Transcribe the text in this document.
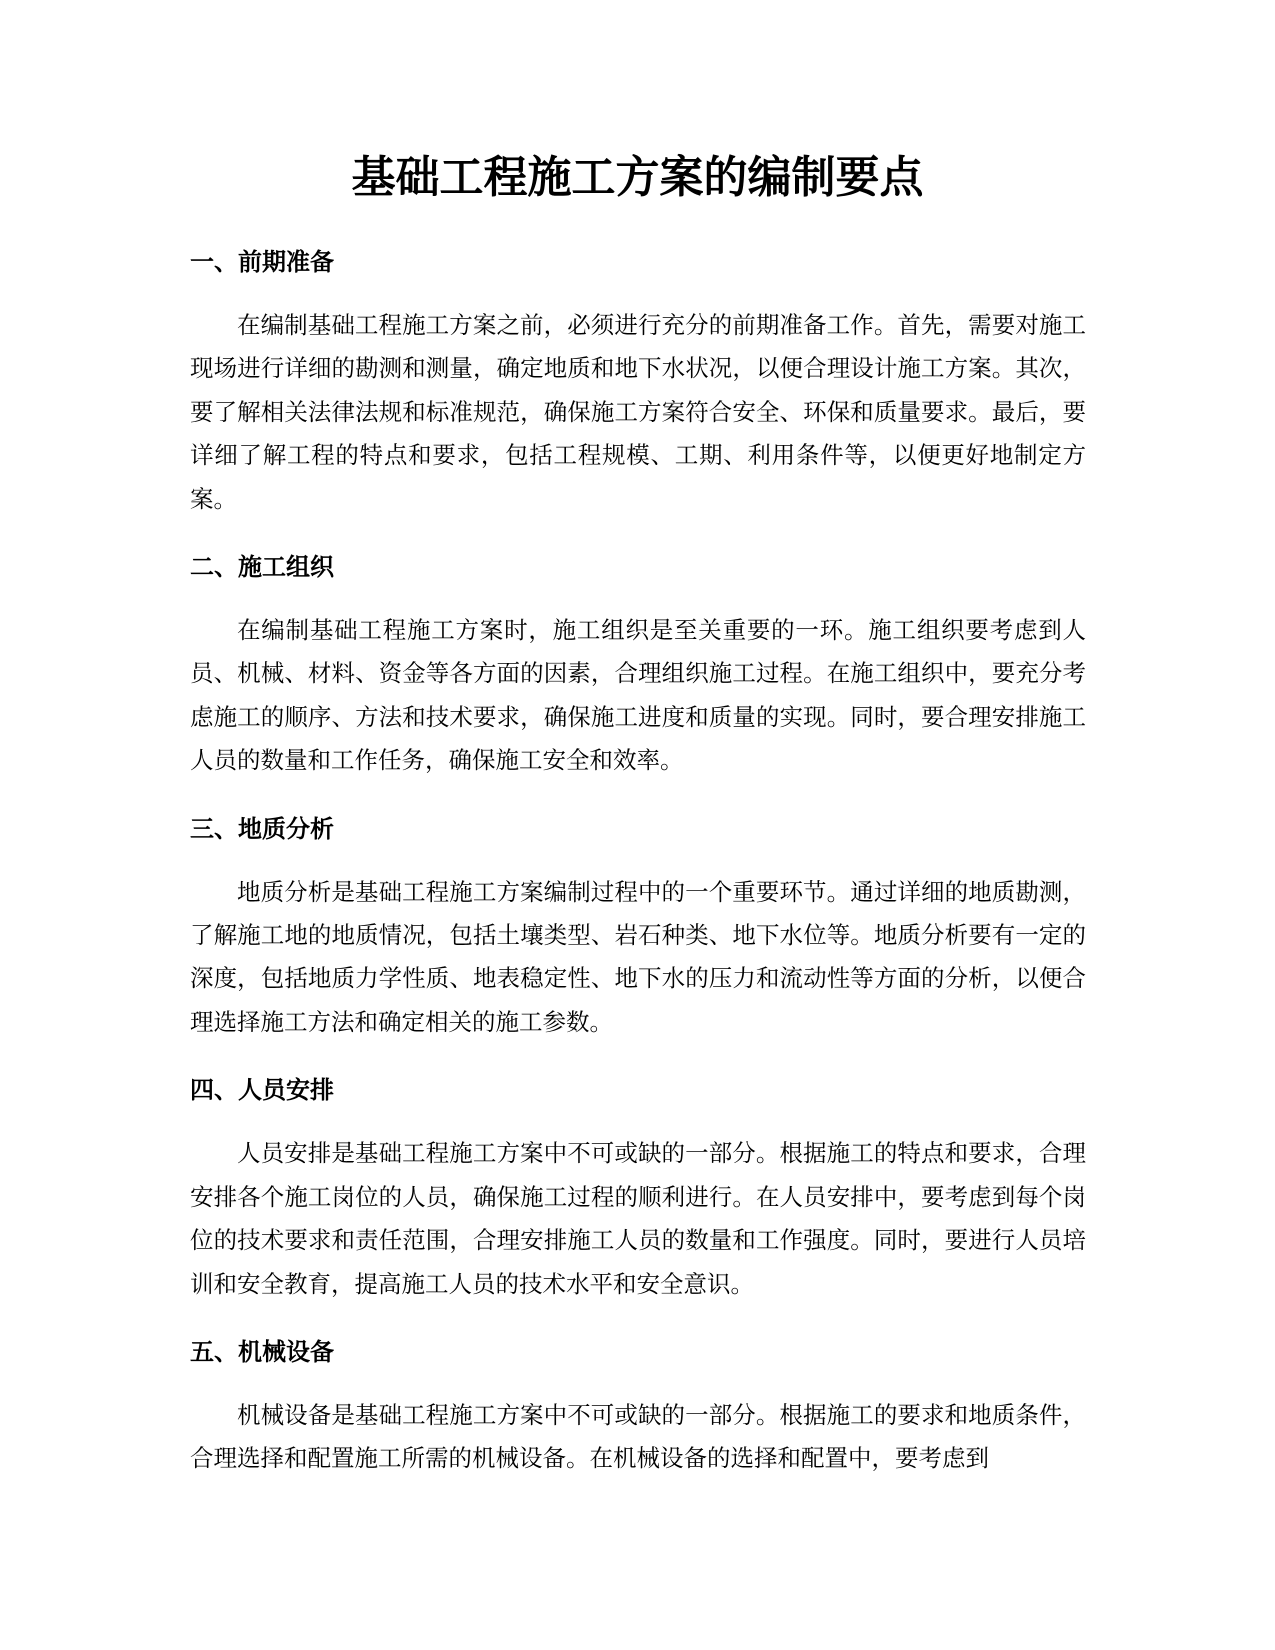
基础工程施工方案的编制要点
一、前期准备

在编制基础工程施工方案之前，必须进行充分的前期准备工作。首先，需要对施工现场进行详细的勘测和测量，确定地质和地下水状况，以便合理设计施工方案。其次，要了解相关法律法规和标准规范，确保施工方案符合安全、环保和质量要求。最后，要详细了解工程的特点和要求，包括工程规模、工期、利用条件等，以便更好地制定方案。

二、施工组织

在编制基础工程施工方案时，施工组织是至关重要的一环。施工组织要考虑到人员、机械、材料、资金等各方面的因素，合理组织施工过程。在施工组织中，要充分考虑施工的顺序、方法和技术要求，确保施工进度和质量的实现。同时，要合理安排施工人员的数量和工作任务，确保施工安全和效率。

三、地质分析

地质分析是基础工程施工方案编制过程中的一个重要环节。通过详细的地质勘测，了解施工地的地质情况，包括土壤类型、岩石种类、地下水位等。地质分析要有一定的深度，包括地质力学性质、地表稳定性、地下水的压力和流动性等方面的分析，以便合理选择施工方法和确定相关的施工参数。

四、人员安排

人员安排是基础工程施工方案中不可或缺的一部分。根据施工的特点和要求，合理安排各个施工岗位的人员，确保施工过程的顺利进行。在人员安排中，要考虑到每个岗位的技术要求和责任范围，合理安排施工人员的数量和工作强度。同时，要进行人员培训和安全教育，提高施工人员的技术水平和安全意识。

五、机械设备

机械设备是基础工程施工方案中不可或缺的一部分。根据施工的要求和地质条件，合理选择和配置施工所需的机械设备。在机械设备的选择和配置中，要考虑到
